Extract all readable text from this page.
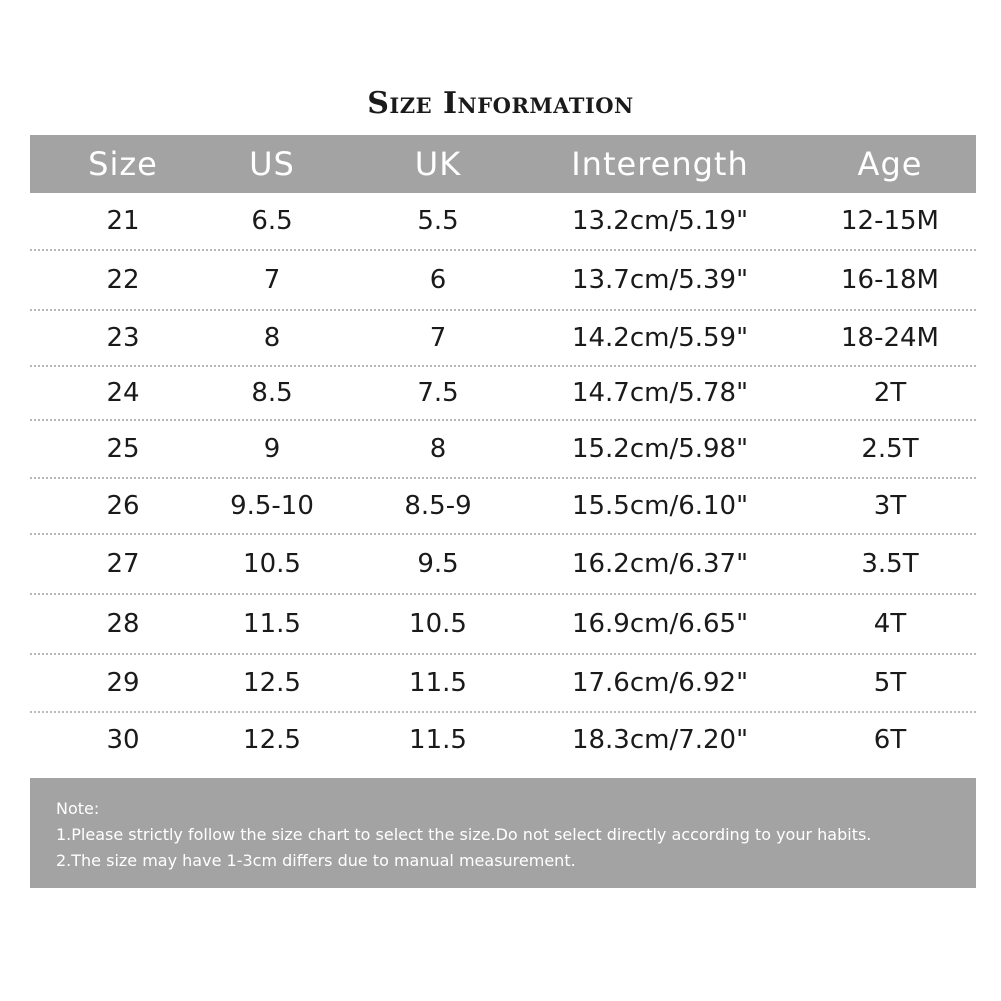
Size Information
Size	US	UK	Interength	Age
21	6.5	5.5	13.2cm/5.19"	12-15M
22	7	6	13.7cm/5.39"	16-18M
23	8	7	14.2cm/5.59"	18-24M
24	8.5	7.5	14.7cm/5.78"	2T
25	9	8	15.2cm/5.98"	2.5T
26	9.5-10	8.5-9	15.5cm/6.10"	3T
27	10.5	9.5	16.2cm/6.37"	3.5T
28	11.5	10.5	16.9cm/6.65"	4T
29	12.5	11.5	17.6cm/6.92"	5T
30	12.5	11.5	18.3cm/7.20"	6T
Note:
1.Please strictly follow the size chart to select the size.Do not select directly according to your habits.
2.The size may have 1-3cm differs due to manual measurement.
